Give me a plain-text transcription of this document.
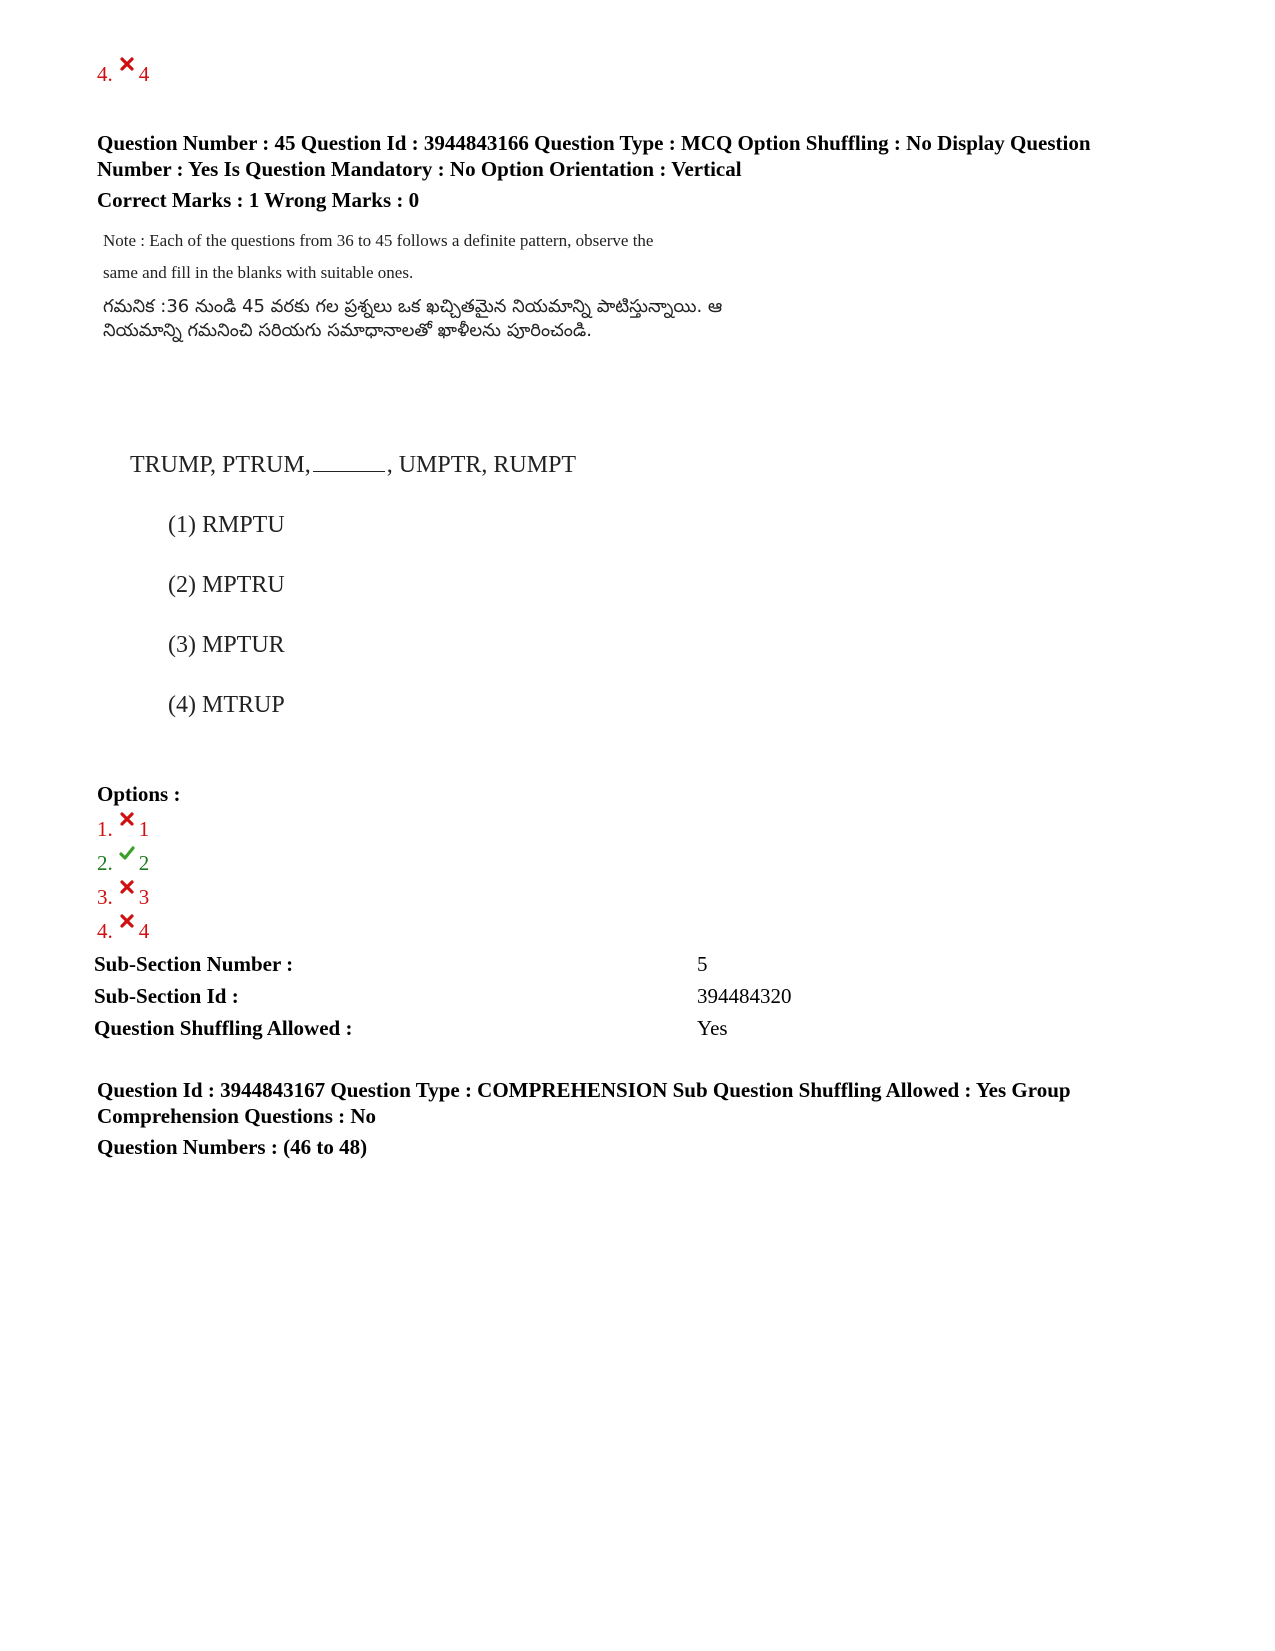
4. 4
Question Number : 45 Question Id : 3944843166 Question Type : MCQ Option Shuffling : No Display Question
Number : Yes Is Question Mandatory : No Option Orientation : Vertical
Correct Marks : 1 Wrong Marks : 0
Note : Each of the questions from 36 to 45 follows a definite pattern, observe the
same and fill in the blanks with suitable ones.
గమనిక :36 నుండి 45 వరకు గల ప్రశ్నలు ఒక ఖచ్చితమైన నియమాన్ని పాటిస్తున్నాయి. ఆ నియమాన్ని గమనించి సరియగు సమాధానాలతో ఖాళీలను పూరించండి.
TRUMP, PTRUM,	, UMPTR, RUMPT
(1) RMPTU
(2) MPTRU
(3) MPTUR
(4) MTRUP
Options :
1. 1
2. 2
3. 3
4. 4
Sub-Section Number :	5
Sub-Section Id :	394484320
Question Shuffling Allowed :	Yes
Question Id : 3944843167 Question Type : COMPREHENSION Sub Question Shuffling Allowed : Yes Group
Comprehension Questions : No
Question Numbers : (46 to 48)
